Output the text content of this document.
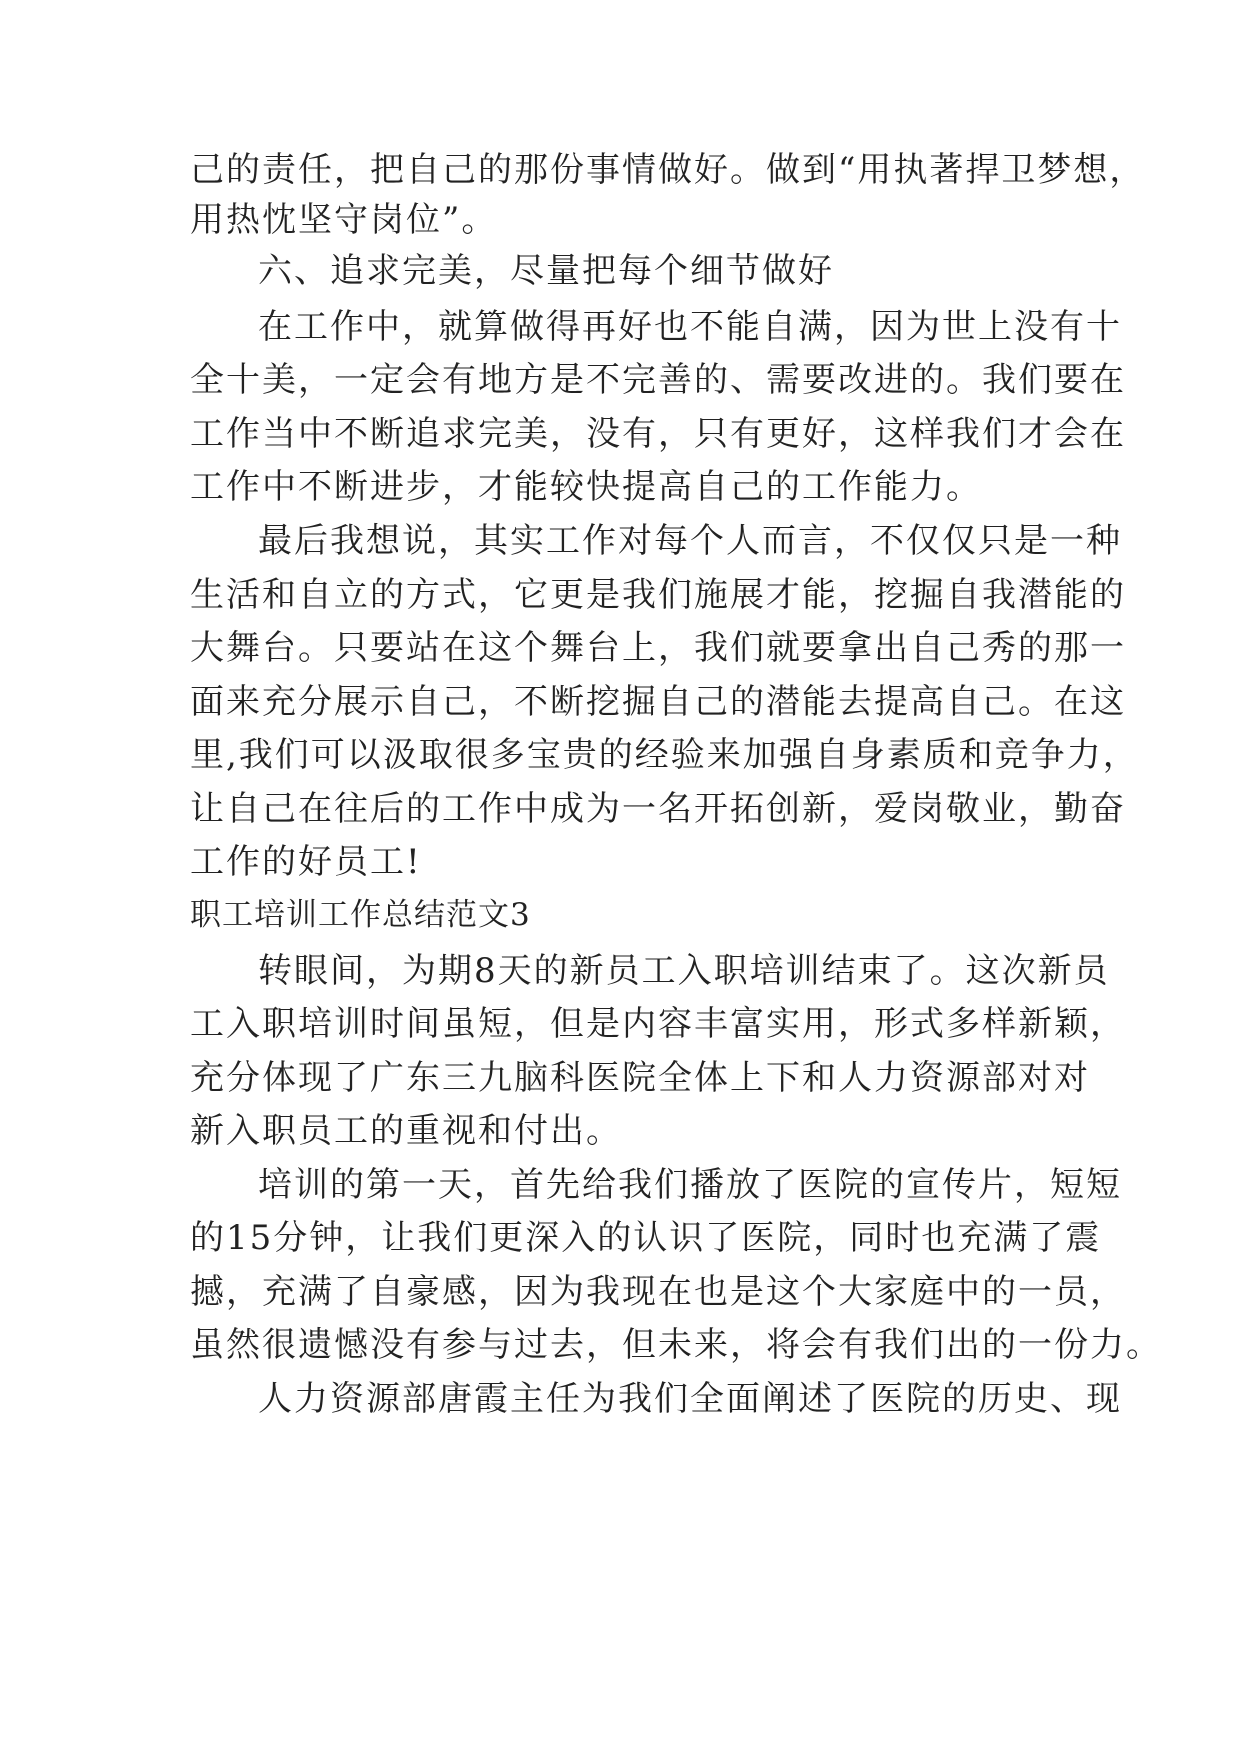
己的责任，把自己的那份事情做好。做到“用执著捍卫梦想，
用热忱坚守岗位”。
六、追求完美，尽量把每个细节做好
在工作中，就算做得再好也不能自满，因为世上没有十
全十美，一定会有地方是不完善的、需要改进的。我们要在
工作当中不断追求完美，没有，只有更好，这样我们才会在
工作中不断进步，才能较快提高自己的工作能力。
最后我想说，其实工作对每个人而言，不仅仅只是一种
生活和自立的方式，它更是我们施展才能，挖掘自我潜能的
大舞台。只要站在这个舞台上，我们就要拿出自己秀的那一
面来充分展示自己，不断挖掘自己的潜能去提高自己。在这
里,我们可以汲取很多宝贵的经验来加强自身素质和竞争力，
让自己在往后的工作中成为一名开拓创新，爱岗敬业，勤奋
工作的好员工!
职工培训工作总结范文3
转眼间，为期8天的新员工入职培训结束了。这次新员
工入职培训时间虽短，但是内容丰富实用，形式多样新颖，
充分体现了广东三九脑科医院全体上下和人力资源部对对
新入职员工的重视和付出。
培训的第一天，首先给我们播放了医院的宣传片，短短
的15分钟，让我们更深入的认识了医院，同时也充满了震
撼，充满了自豪感，因为我现在也是这个大家庭中的一员，
虽然很遗憾没有参与过去，但未来，将会有我们出的一份力。
人力资源部唐霞主任为我们全面阐述了医院的历史、现
